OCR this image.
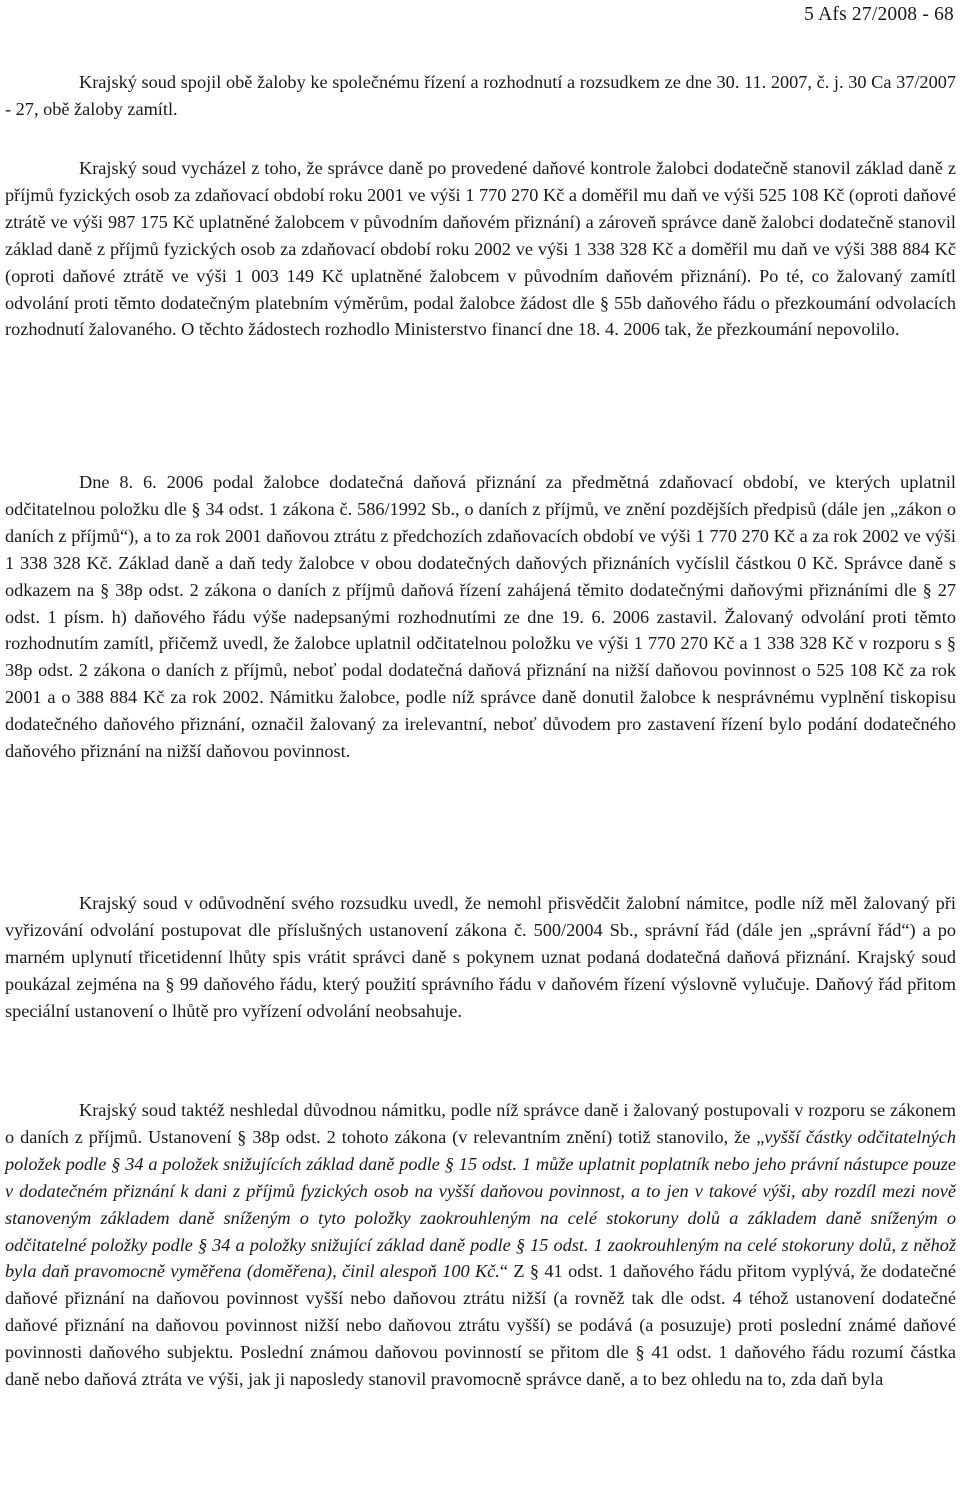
5 Afs 27/2008 - 68

Krajský soud spojil obě žaloby ke společnému řízení a rozhodnutí a rozsudkem ze dne 30. 11. 2007, č. j. 30 Ca 37/2007 - 27, obě žaloby zamítl.

Krajský soud vycházel z toho, že správce daně po provedené daňové kontrole žalobci dodatečně stanovil základ daně z příjmů fyzických osob za zdaňovací období roku 2001 ve výši 1 770 270 Kč a doměřil mu daň ve výši 525 108 Kč (oproti daňové ztrátě ve výši 987 175 Kč uplatněné žalobcem v původním daňovém přiznání) a zároveň správce daně žalobci dodatečně stanovil základ daně z příjmů fyzických osob za zdaňovací období roku 2002 ve výši 1 338 328 Kč a doměřil mu daň ve výši 388 884 Kč (oproti daňové ztrátě ve výši 1 003 149 Kč uplatněné žalobcem v původním daňovém přiznání). Po té, co žalovaný zamítl odvolání proti těmto dodatečným platebním výměrům, podal žalobce žádost dle § 55b daňového řádu o přezkoumání odvolacích rozhodnutí žalovaného. O těchto žádostech rozhodlo Ministerstvo financí dne 18. 4. 2006 tak, že přezkoumání nepovolilo.

Dne 8. 6. 2006 podal žalobce dodatečná daňová přiznání za předmětná zdaňovací období, ve kterých uplatnil odčitatelnou položku dle § 34 odst. 1 zákona č. 586/1992 Sb., o daních z příjmů, ve znění pozdějších předpisů (dále jen „zákon o daních z příjmů“), a to za rok 2001 daňovou ztrátu z předchozích zdaňovacích období ve výši 1 770 270 Kč a za rok 2002 ve výši 1 338 328 Kč. Základ daně a daň tedy žalobce v obou dodatečných daňových přiznáních vyčíslil částkou 0 Kč. Správce daně s odkazem na § 38p odst. 2 zákona o daních z příjmů daňová řízení zahájená těmito dodatečnými daňovými přiznáními dle § 27 odst. 1 písm. h) daňového řádu výše nadepsanými rozhodnutími ze dne 19. 6. 2006 zastavil. Žalovaný odvolání proti těmto rozhodnutím zamítl, přičemž uvedl, že žalobce uplatnil odčitatelnou položku ve výši 1 770 270 Kč a 1 338 328 Kč v rozporu s § 38p odst. 2 zákona o daních z příjmů, neboť podal dodatečná daňová přiznání na nižší daňovou povinnost o 525 108 Kč za rok 2001 a o 388 884 Kč za rok 2002. Námitku žalobce, podle níž správce daně donutil žalobce k nesprávnému vyplnění tiskopisu dodatečného daňového přiznání, označil žalovaný za irelevantní, neboť důvodem pro zastavení řízení bylo podání dodatečného daňového přiznání na nižší daňovou povinnost.

Krajský soud v odůvodnění svého rozsudku uvedl, že nemohl přisvědčit žalobní námitce, podle níž měl žalovaný při vyřizování odvolání postupovat dle příslušných ustanovení zákona č. 500/2004 Sb., správní řád (dále jen „správní řád“) a po marném uplynutí třicetidenní lhůty spis vrátit správci daně s pokynem uznat podaná dodatečná daňová přiznání. Krajský soud poukázal zejména na § 99 daňového řádu, který použití správního řádu v daňovém řízení výslovně vylučuje. Daňový řád přitom speciální ustanovení o lhůtě pro vyřízení odvolání neobsahuje.

Krajský soud taktéž neshledal důvodnou námitku, podle níž správce daně i žalovaný postupovali v rozporu se zákonem o daních z příjmů. Ustanovení § 38p odst. 2 tohoto zákona (v relevantním znění) totiž stanovilo, že „vyšší částky odčitatelných položek podle § 34 a položek snižujících základ daně podle § 15 odst. 1 může uplatnit poplatník nebo jeho právní nástupce pouze v dodatečném přiznání k dani z příjmů fyzických osob na vyšší daňovou povinnost, a to jen v takové výši, aby rozdíl mezi nově stanoveným základem daně sníženým o tyto položky zaokrouhleným na celé stokoruny dolů a základem daně sníženým o odčitatelné položky podle § 34 a položky snižující základ daně podle § 15 odst. 1 zaokrouhleným na celé stokoruny dolů, z něhož byla daň pravomocně vyměřena (doměřena), činil alespoň 100 Kč.“ Z § 41 odst. 1 daňového řádu přitom vyplývá, že dodatečné daňové přiznání na daňovou povinnost vyšší nebo daňovou ztrátu nižší (a rovněž tak dle odst. 4 téhož ustanovení dodatečné daňové přiznání na daňovou povinnost nižší nebo daňovou ztrátu vyšší) se podává (a posuzuje) proti poslední známé daňové povinnosti daňového subjektu. Poslední známou daňovou povinností se přitom dle § 41 odst. 1 daňového řádu rozumí částka daně nebo daňová ztráta ve výši, jak ji naposledy stanovil pravomocně správce daně, a to bez ohledu na to, zda daň byla
